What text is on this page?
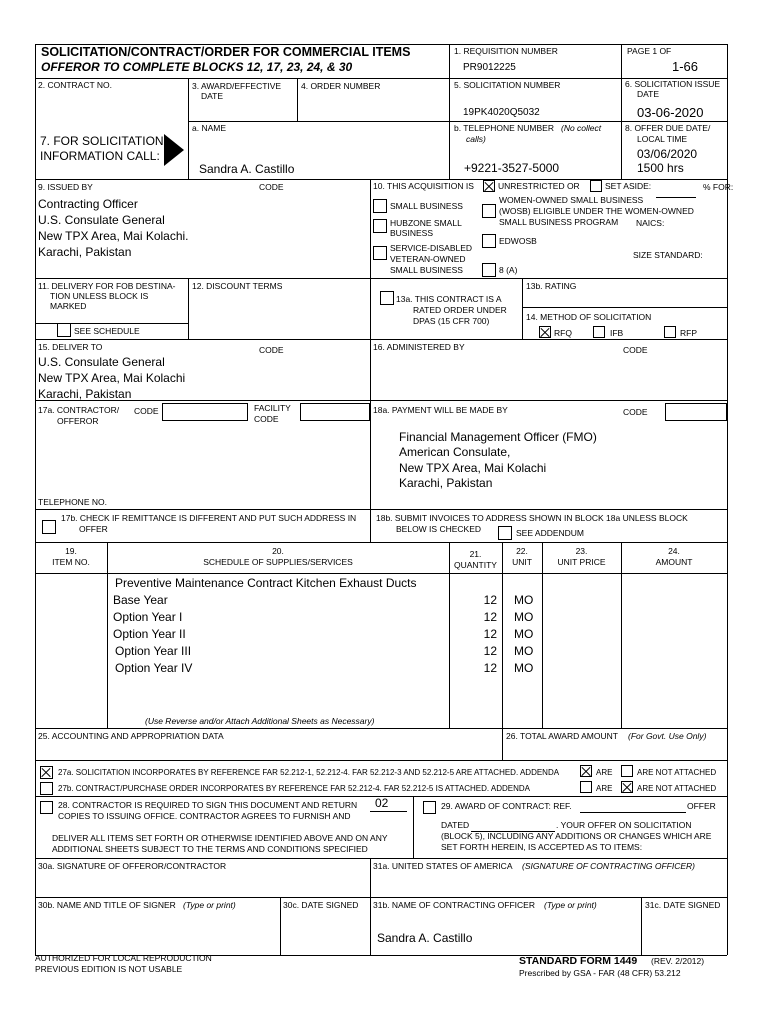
SOLICITATION/CONTRACT/ORDER FOR COMMERCIAL ITEMS
OFFEROR TO COMPLETE BLOCKS 12, 17, 23, 24, & 30
1. REQUISITION NUMBER
PR9012225
PAGE 1 OF
1-66
2. CONTRACT NO.	3. AWARD/EFFECTIVE
DATE
4. ORDER NUMBER	5. SOLICITATION NUMBER
19PK4020Q5032
6. SOLICITATION ISSUE
DATE
03-06-2020
7. FOR SOLICITATION
INFORMATION CALL:
a. NAME
Sandra A. Castillo
b. TELEPHONE NUMBER (No collect
calls)
+9221-3527-5000
8. OFFER DUE DATE/
LOCAL TIME
03/06/2020
1500 hrs
9. ISSUED BY	CODE
Contracting Officer
U.S. Consulate General
New TPX Area, Mai Kolachi.
Karachi, Pakistan
10. THIS ACQUISITION IS	UNRESTRICTED OR	SET ASIDE:	% FOR:
SMALL BUSINESS
HUBZONE SMALL
BUSINESS
SERVICE-DISABLED
VETERAN-OWNED
SMALL BUSINESS
WOMEN-OWNED SMALL BUSINESS
(WOSB) ELIGIBLE UNDER THE WOMEN-OWNED
SMALL BUSINESS PROGRAM NAICS:
EDWOSB
SIZE STANDARD:
8 (A)
11. DELIVERY FOR FOB DESTINA-
TION UNLESS BLOCK IS
MARKED
SEE SCHEDULE
12. DISCOUNT TERMS
13a. THIS CONTRACT IS A
RATED ORDER UNDER
DPAS (15 CFR 700)
13b. RATING
14. METHOD OF SOLICITATION
RFQ	IFB	RFP
15. DELIVER TO	CODE
U.S. Consulate General
New TPX Area, Mai Kolachi
Karachi, Pakistan
16. ADMINISTERED BY	CODE
17a. CONTRACTOR/
OFFEROR
CODE	FACILITY
CODE
TELEPHONE NO.
18a. PAYMENT WILL BE MADE BY	CODE
Financial Management Officer (FMO)
American Consulate,
New TPX Area, Mai Kolachi
Karachi, Pakistan
17b. CHECK IF REMITTANCE IS DIFFERENT AND PUT SUCH ADDRESS IN
OFFER
18b. SUBMIT INVOICES TO ADDRESS SHOWN IN BLOCK 18a UNLESS BLOCK
BELOW IS CHECKED	SEE ADDENDUM
19.
ITEM NO.
20.
SCHEDULE OF SUPPLIES/SERVICES
21.
QUANTITY
22.
UNIT
23.
UNIT PRICE
24.
AMOUNT
Preventive Maintenance Contract Kitchen Exhaust Ducts
Base Year	12 MO
Option Year I	12 MO
Option Year II	12 MO
Option Year III	12 MO
Option Year IV	12 MO
(Use Reverse and/or Attach Additional Sheets as Necessary)
25. ACCOUNTING AND APPROPRIATION DATA	26. TOTAL AWARD AMOUNT (For Govt. Use Only)
27a. SOLICITATION INCORPORATES BY REFERENCE FAR 52.212-1, 52.212-4. FAR 52.212-3 AND 52.212-5 ARE ATTACHED. ADDENDA	ARE	ARE NOT ATTACHED
27b. CONTRACT/PURCHASE ORDER INCORPORATES BY REFERENCE FAR 52.212-4. FAR 52.212-5 IS ATTACHED. ADDENDA	ARE	ARE NOT ATTACHED
28. CONTRACTOR IS REQUIRED TO SIGN THIS DOCUMENT AND RETURN 02
COPIES TO ISSUING OFFICE. CONTRACTOR AGREES TO FURNISH AND
DELIVER ALL ITEMS SET FORTH OR OTHERWISE IDENTIFIED ABOVE AND ON ANY
ADDITIONAL SHEETS SUBJECT TO THE TERMS AND CONDITIONS SPECIFIED
29. AWARD OF CONTRACT: REF.	OFFER
DATED	. YOUR OFFER ON SOLICITATION
(BLOCK 5), INCLUDING ANY ADDITIONS OR CHANGES WHICH ARE
SET FORTH HEREIN, IS ACCEPTED AS TO ITEMS:
30a. SIGNATURE OF OFFEROR/CONTRACTOR	31a. UNITED STATES OF AMERICA (SIGNATURE OF CONTRACTING OFFICER)
30b. NAME AND TITLE OF SIGNER (Type or print)	30c. DATE SIGNED 31b. NAME OF CONTRACTING OFFICER (Type or print)	31c. DATE SIGNED
Sandra A. Castillo
AUTHORIZED FOR LOCAL REPRODUCTION
PREVIOUS EDITION IS NOT USABLE
STANDARD FORM 1449 (REV. 2/2012)
Prescribed by GSA - FAR (48 CFR) 53.212
